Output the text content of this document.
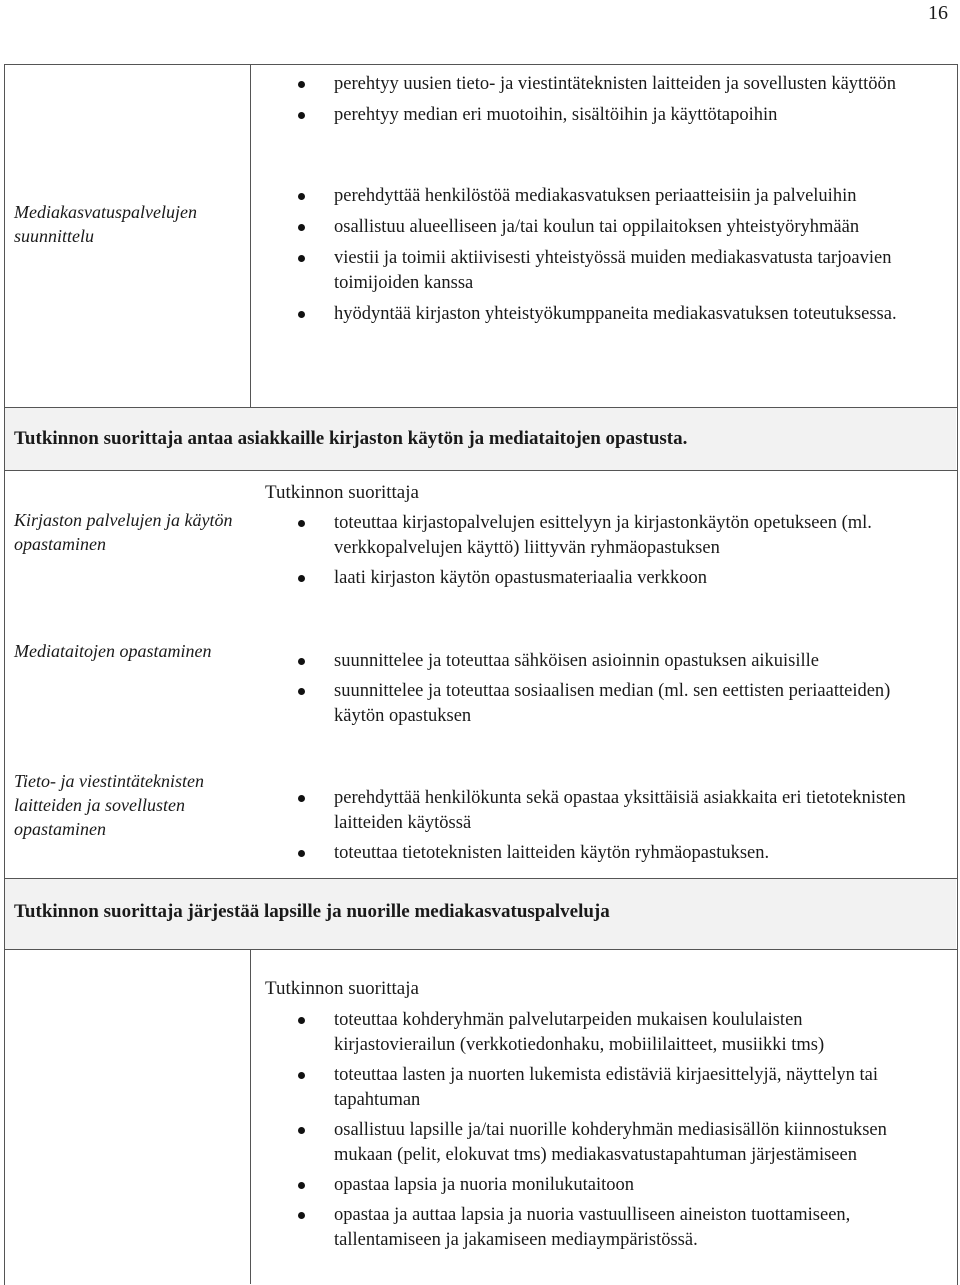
16
perehtyy uusien tieto- ja viestintäteknisten laitteiden ja sovellusten käyttöön
perehtyy median eri muotoihin, sisältöihin ja käyttötapoihin
Mediakasvatuspalvelujen suunnittelu
perehdyttää henkilöstöä mediakasvatuksen periaatteisiin ja palveluihin
osallistuu alueelliseen ja/tai koulun tai oppilaitoksen yhteistyöryhmään
viestii ja toimii aktiivisesti yhteistyössä muiden mediakasvatusta tarjoavien toimijoiden kanssa
hyödyntää kirjaston yhteistyökumppaneita mediakasvatuksen toteutuksessa.
Tutkinnon suorittaja antaa asiakkaille kirjaston käytön ja mediataitojen opastusta.
Tutkinnon suorittaja
Kirjaston palvelujen ja käytön opastaminen
toteuttaa kirjastopalvelujen esittelyyn ja kirjastonkäytön opetukseen (ml. verkkopalvelujen käyttö) liittyvän ryhmäopastuksen
laati kirjaston käytön opastusmateriaalia verkkoon
Mediataitojen opastaminen	suunnittelee ja toteuttaa sähköisen asioinnin opastuksen aikuisille
suunnittelee ja toteuttaa sosiaalisen median (ml. sen eettisten periaatteiden) käytön opastuksen
Tieto- ja viestintäteknisten laitteiden ja sovellusten opastaminen
perehdyttää henkilökunta sekä opastaa yksittäisiä asiakkaita eri tietoteknisten laitteiden käytössä
toteuttaa tietoteknisten laitteiden käytön ryhmäopastuksen.
Tutkinnon suorittaja järjestää lapsille ja nuorille mediakasvatuspalveluja
Tutkinnon suorittaja
toteuttaa kohderyhmän palvelutarpeiden mukaisen koululaisten kirjastovierailun (verkkotiedonhaku, mobiililaitteet, musiikki tms)
toteuttaa lasten ja nuorten lukemista edistäviä kirjaesittelyjä, näyttelyn tai tapahtuman
osallistuu lapsille ja/tai nuorille kohderyhmän mediasisällön kiinnostuksen mukaan (pelit, elokuvat tms) mediakasvatustapahtuman järjestämiseen
opastaa lapsia ja nuoria monilukutaitoon
opastaa ja auttaa lapsia ja nuoria vastuulliseen aineiston tuottamiseen, tallentamiseen ja jakamiseen mediaympäristössä.
